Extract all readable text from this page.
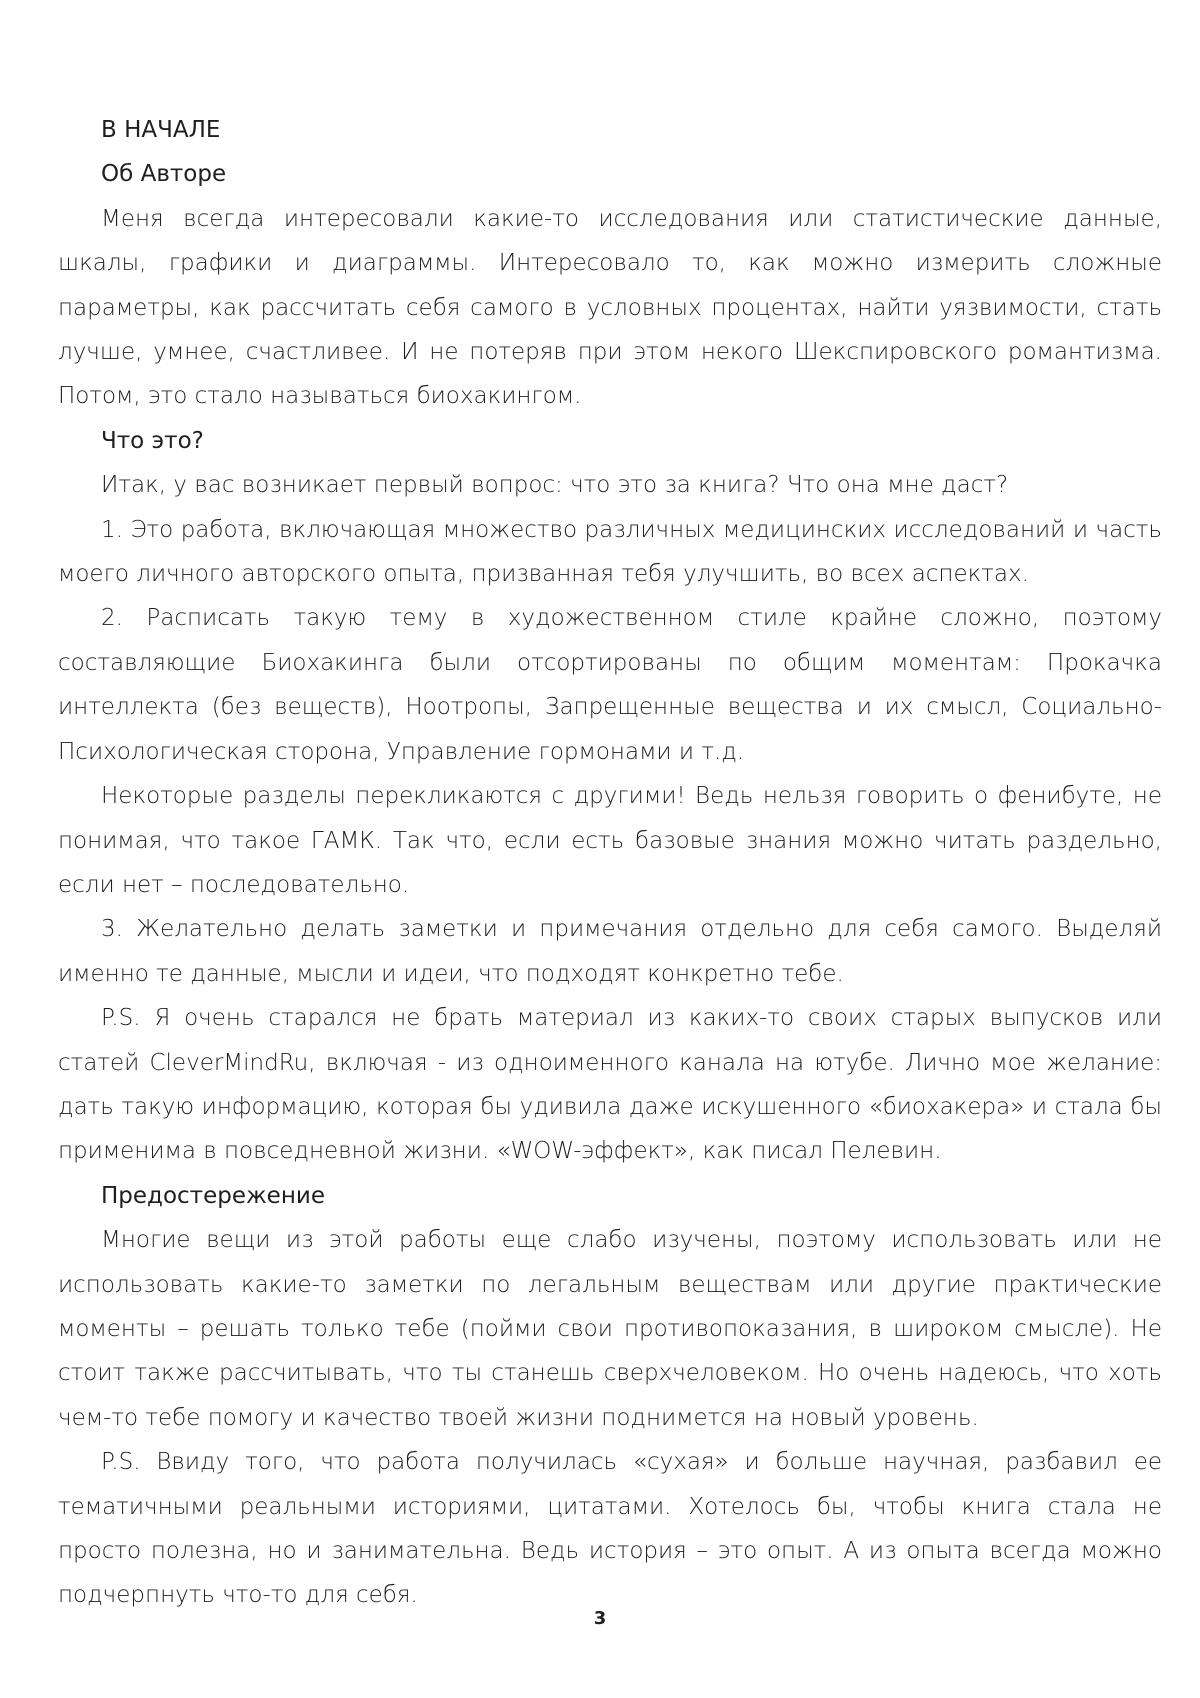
В НАЧАЛЕ

Об Авторе

Меня всегда интересовали какие-то исследования или статистические данные, шкалы, графики и диаграммы. Интересовало то, как можно измерить сложные параметры, как рассчитать себя самого в условных процентах, найти уязвимости, стать лучше, умнее, счастливее. И не потеряв при этом некого Шекспировского романтизма. Потом, это стало называться биохакингом.

Что это?

Итак, у вас возникает первый вопрос: что это за книга? Что она мне даст?

1. Это работа, включающая множество различных медицинских исследований и часть моего личного авторского опыта, призванная тебя улучшить, во всех аспектах.

2. Расписать такую тему в художественном стиле крайне сложно, поэтому составляющие Биохакинга были отсортированы по общим моментам: Прокачка интеллекта (без веществ), Ноотропы, Запрещенные вещества и их смысл, Социально-Психологическая сторона, Управление гормонами и т.д.

Некоторые разделы перекликаются с другими! Ведь нельзя говорить о фенибуте, не понимая, что такое ГАМК. Так что, если есть базовые знания можно читать раздельно, если нет – последовательно.

3. Желательно делать заметки и примечания отдельно для себя самого. Выделяй именно те данные, мысли и идеи, что подходят конкретно тебе.

P.S. Я очень старался не брать материал из каких-то своих старых выпусков или статей CleverMindRu, включая - из одноименного канала на ютубе. Лично мое желание: дать такую информацию, которая бы удивила даже искушенного «биохакера» и стала бы применима в повседневной жизни. «WOW-эффект», как писал Пелевин.

Предостережение

Многие вещи из этой работы еще слабо изучены, поэтому использовать или не использовать какие-то заметки по легальным веществам или другие практические моменты – решать только тебе (пойми свои противопоказания, в широком смысле). Не стоит также рассчитывать, что ты станешь сверхчеловеком. Но очень надеюсь, что хоть чем-то тебе помогу и качество твоей жизни поднимется на новый уровень.

P.S. Ввиду того, что работа получилась «сухая» и больше научная, разбавил ее тематичными реальными историями, цитатами. Хотелось бы, чтобы книга стала не просто полезна, но и занимательна. Ведь история – это опыт. А из опыта всегда можно подчерпнуть что-то для себя.

3
